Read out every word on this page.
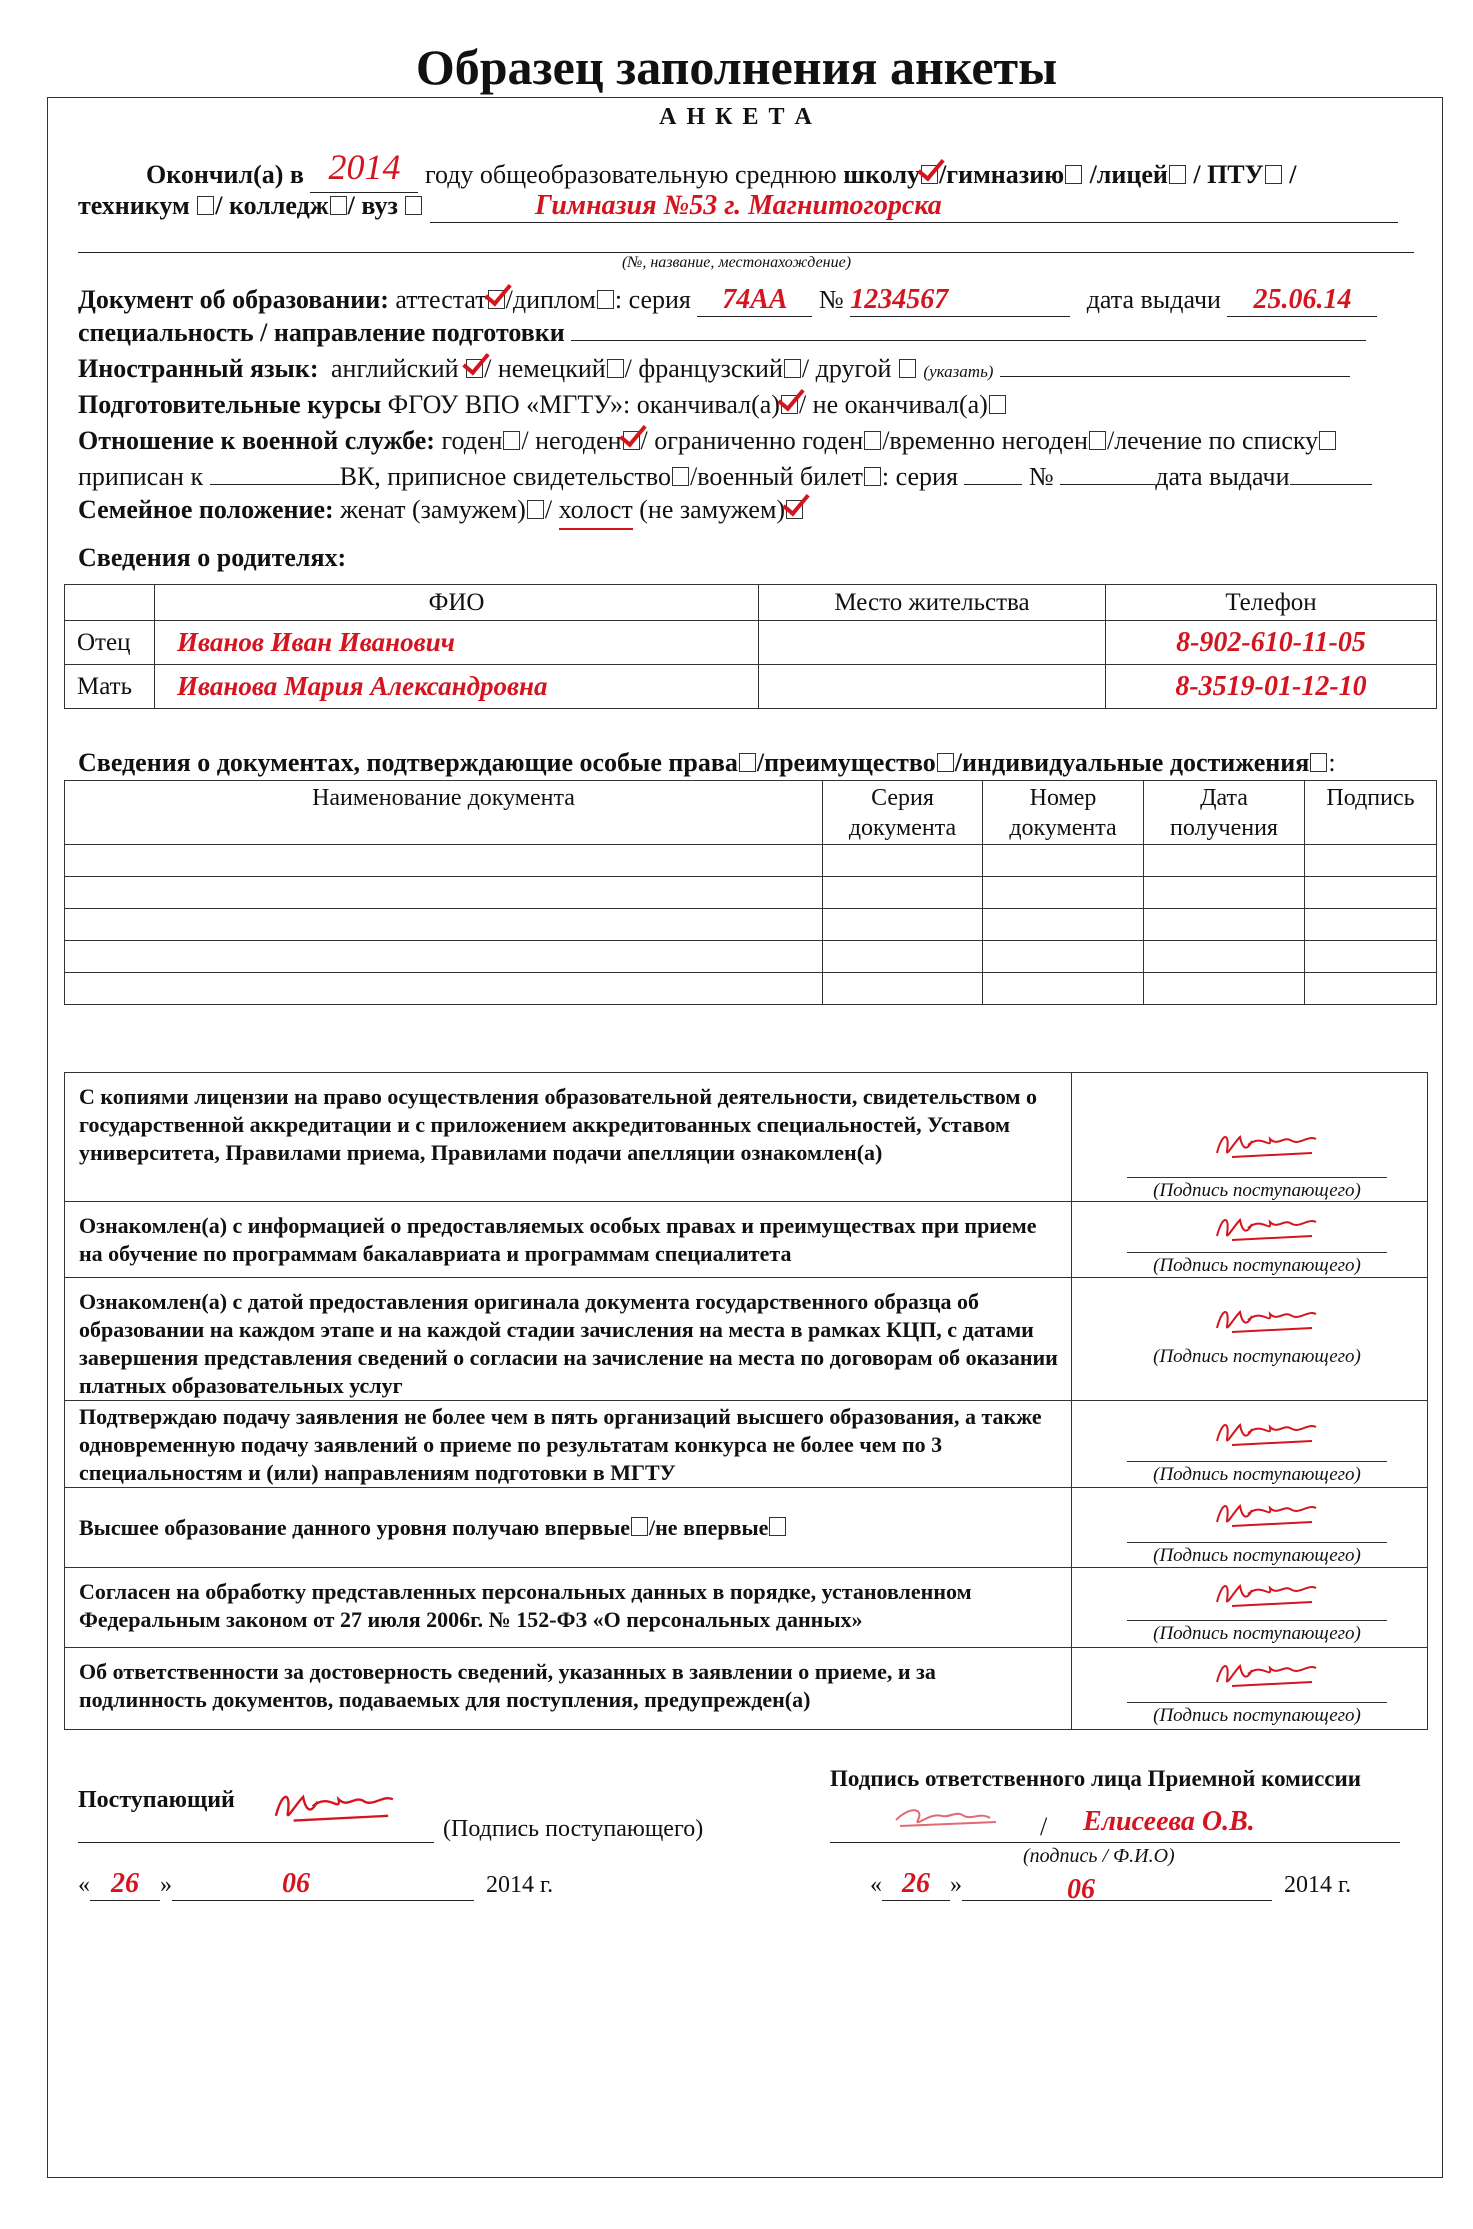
Образец заполнения анкеты
А Н К Е Т А
Окончил(а) в 2014 году общеобразовательную среднюю школу /гимназию /лицей / ПТУ /
техникум / колледж / вуз	Гимназия №53 г. Магнитогорска
(№, название, местонахождение)
Документ об образовании: аттестат /диплом : серия 74АА № 1234567	дата выдачи 25.06.14
специальность / направление подготовки
Иностранный язык: английский / немецкий / французский / другой (указать)
Подготовительные курсы ФГОУ ВПО «МГТУ»: оканчивал(а) / не оканчивал(а)
Отношение к военной службе: годен / негоден / ограниченно годен /временно негоден /лечение по списку
приписан к	ВК, приписное свидетельство /военный билет : серия	№	дата выдачи
Семейное положение: женат (замужем) / холост (не замужем)
Сведения о родителях:
	ФИО	Место жительства	Телефон
Отец	Иванов Иван Иванович		8-902-610-11-05
Мать	Иванова Мария Александровна		8-3519-01-12-10
Сведения о документах, подтверждающие особые права /преимущество /индивидуальные достижения :
Наименование документа	Серия документа	Номер документа	Дата получения	Подпись

С копиями лицензии на право осуществления образовательной деятельности, свидетельством о государственной аккредитации и с приложением аккредитованных специальностей, Уставом университета, Правилами приема, Правилами подачи апелляции ознакомлен(а)	(Подпись поступающего)

Ознакомлен(а) с информацией о предоставляемых особых правах и преимуществах при приеме на обучение по программам бакалавриата и программам специалитета	(Подпись поступающего)

Ознакомлен(а) с датой предоставления оригинала документа государственного образца об образовании на каждом этапе и на каждой стадии зачисления на места в рамках КЦП, с датами завершения представления сведений о согласии на зачисление на места по договорам об оказании платных образовательных услуг	(Подпись поступающего)

Подтверждаю подачу заявления не более чем в пять организаций высшего образования, а также одновременную подачу заявлений о приеме по результатам конкурса не более чем по 3 специальностям и (или) направлениям подготовки в МГТУ	(Подпись поступающего)

Высшее образование данного уровня получаю впервые /не впервые	(Подпись поступающего)

Согласен на обработку представленных персональных данных в порядке, установленном Федеральным законом от 27 июля 2006г. № 152-ФЗ «О персональных данных»	(Подпись поступающего)

Об ответственности за достоверность сведений, указанных в заявлении о приеме, и за подлинность документов, подаваемых для поступления, предупрежден(а)	(Подпись поступающего)
Поступающий
(Подпись поступающего)
« 26 »	06	2014 г.
Подпись ответственного лица Приемной комиссии
/ Елисеева О.В.
(подпись / Ф.И.О)
« 26 »	06	2014 г.
